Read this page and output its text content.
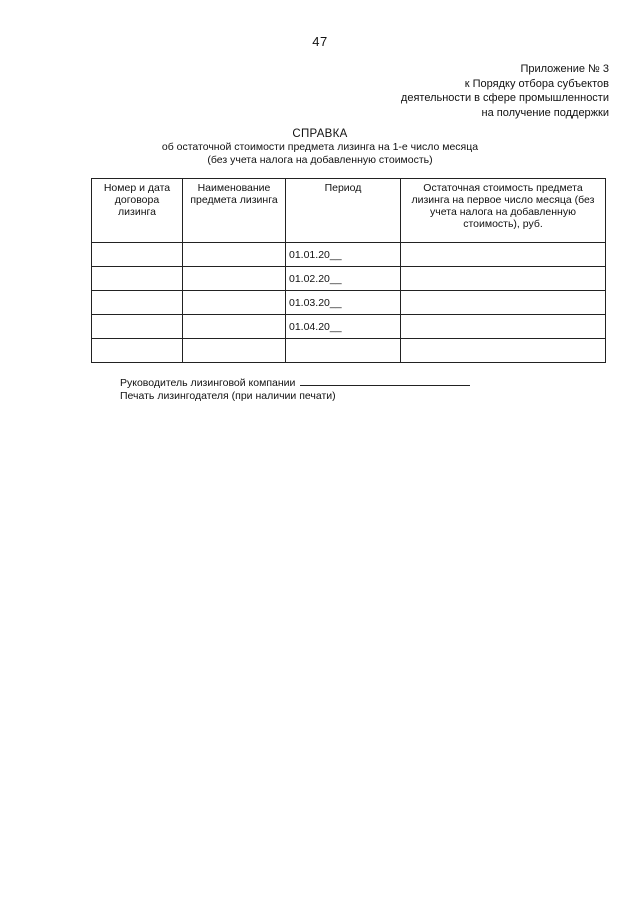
47
Приложение № 3
к Порядку отбора субъектов
деятельности в сфере промышленности
на получение поддержки
СПРАВКА
об остаточной стоимости предмета лизинга на 1-е число месяца
(без учета налога на добавленную стоимость)
Номер и дата договора лизинга	Наименование предмета лизинга	Период	Остаточная стоимость предмета лизинга на первое число месяца (без учета налога на добавленную стоимость), руб.
		01.01.20__	
		01.02.20__	
		01.03.20__	
		01.04.20__	

Руководитель лизинговой компании
Печать лизингодателя (при наличии печати)
